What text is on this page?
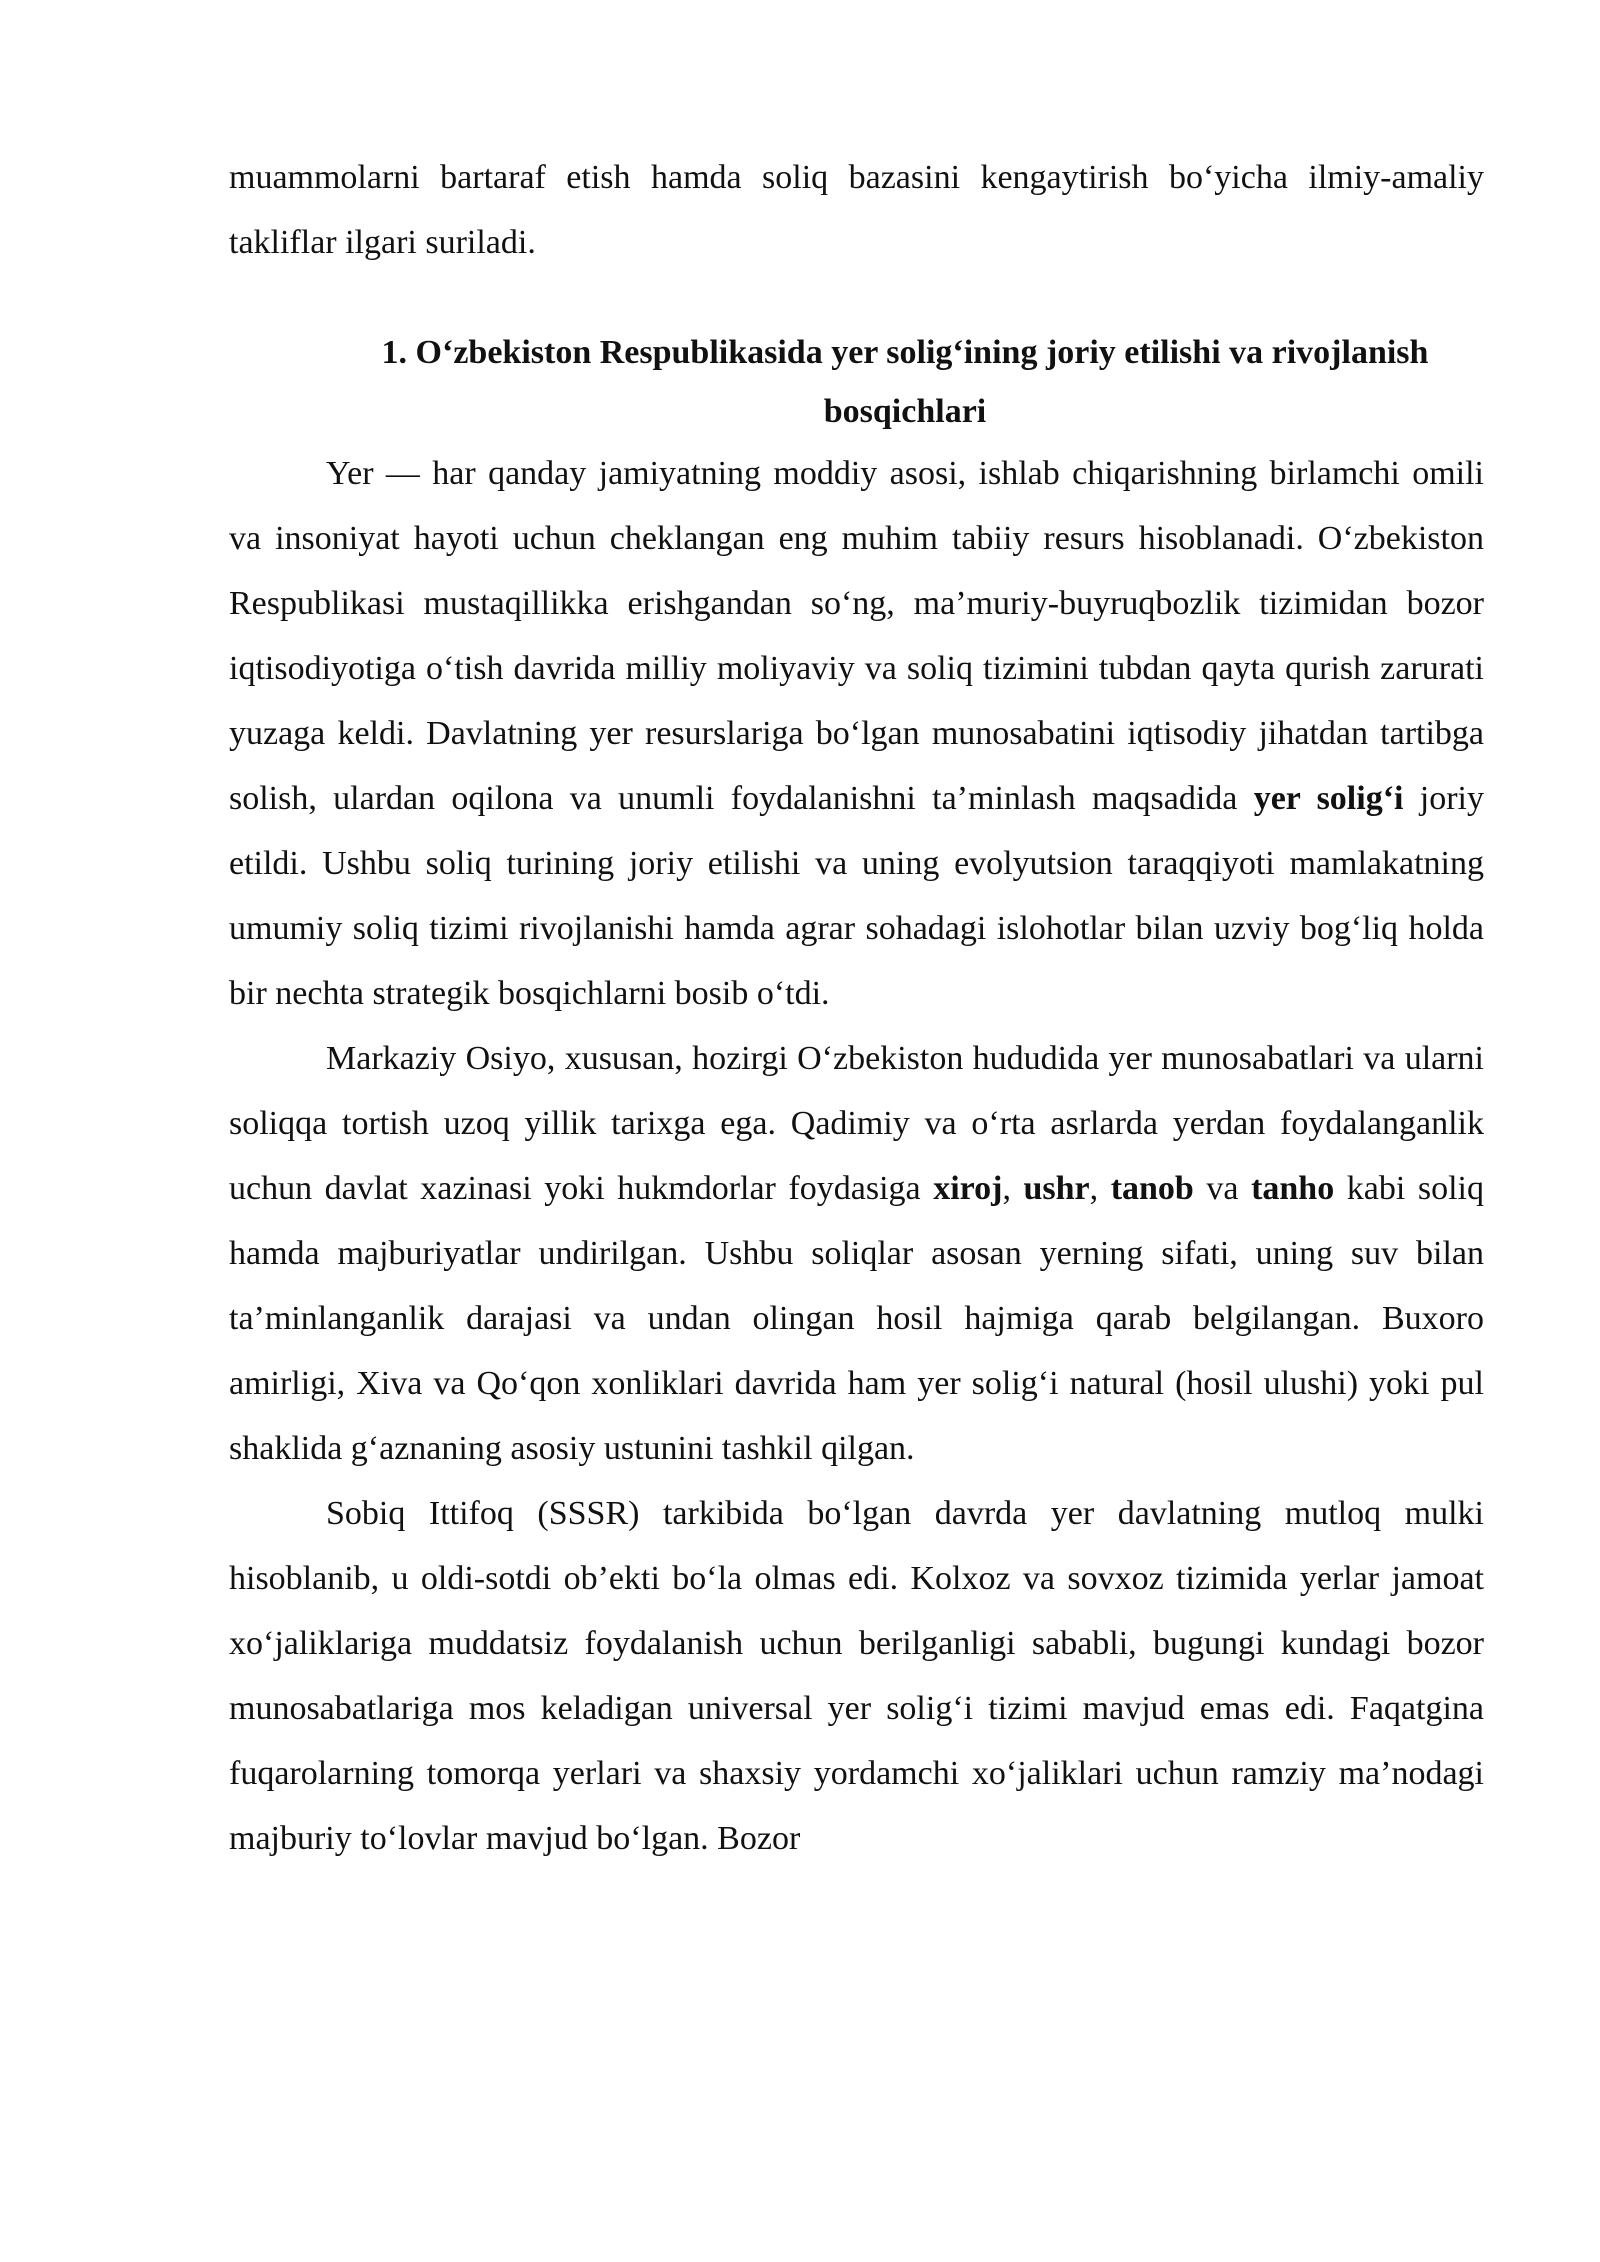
muammolarni bartaraf etish hamda soliq bazasini kengaytirish bo‘yicha ilmiy-amaliy takliflar ilgari suriladi.

1. O‘zbekiston Respublikasida yer solig‘ining joriy etilishi va rivojlanish bosqichlari

Yer — har qanday jamiyatning moddiy asosi, ishlab chiqarishning birlamchi omili va insoniyat hayoti uchun cheklangan eng muhim tabiiy resurs hisoblanadi. O‘zbekiston Respublikasi mustaqillikka erishgandan so‘ng, ma’muriy-buyruqbozlik tizimidan bozor iqtisodiyotiga o‘tish davrida milliy moliyaviy va soliq tizimini tubdan qayta qurish zarurati yuzaga keldi. Davlatning yer resurslariga bo‘lgan munosabatini iqtisodiy jihatdan tartibga solish, ulardan oqilona va unumli foydalanishni ta’minlash maqsadida yer solig‘i joriy etildi. Ushbu soliq turining joriy etilishi va uning evolyutsion taraqqiyoti mamlakatning umumiy soliq tizimi rivojlanishi hamda agrar sohadagi islohotlar bilan uzviy bog‘liq holda bir nechta strategik bosqichlarni bosib o‘tdi.

Markaziy Osiyo, xususan, hozirgi O‘zbekiston hududida yer munosabatlari va ularni soliqqa tortish uzoq yillik tarixga ega. Qadimiy va o‘rta asrlarda yerdan foydalanganlik uchun davlat xazinasi yoki hukmdorlar foydasiga xiroj, ushr, tanob va tanho kabi soliq hamda majburiyatlar undirilgan. Ushbu soliqlar asosan yerning sifati, uning suv bilan ta’minlanganlik darajasi va undan olingan hosil hajmiga qarab belgilangan. Buxoro amirligi, Xiva va Qo‘qon xonliklari davrida ham yer solig‘i natural (hosil ulushi) yoki pul shaklida g‘aznaning asosiy ustunini tashkil qilgan.

Sobiq Ittifoq (SSSR) tarkibida bo‘lgan davrda yer davlatning mutloq mulki hisoblanib, u oldi-sotdi ob’ekti bo‘la olmas edi. Kolxoz va sovxoz tizimida yerlar jamoat xo‘jaliklariga muddatsiz foydalanish uchun berilganligi sababli, bugungi kundagi bozor munosabatlariga mos keladigan universal yer solig‘i tizimi mavjud emas edi. Faqatgina fuqarolarning tomorqa yerlari va shaxsiy yordamchi xo‘jaliklari uchun ramziy ma’nodagi majburiy to‘lovlar mavjud bo‘lgan. Bozor
